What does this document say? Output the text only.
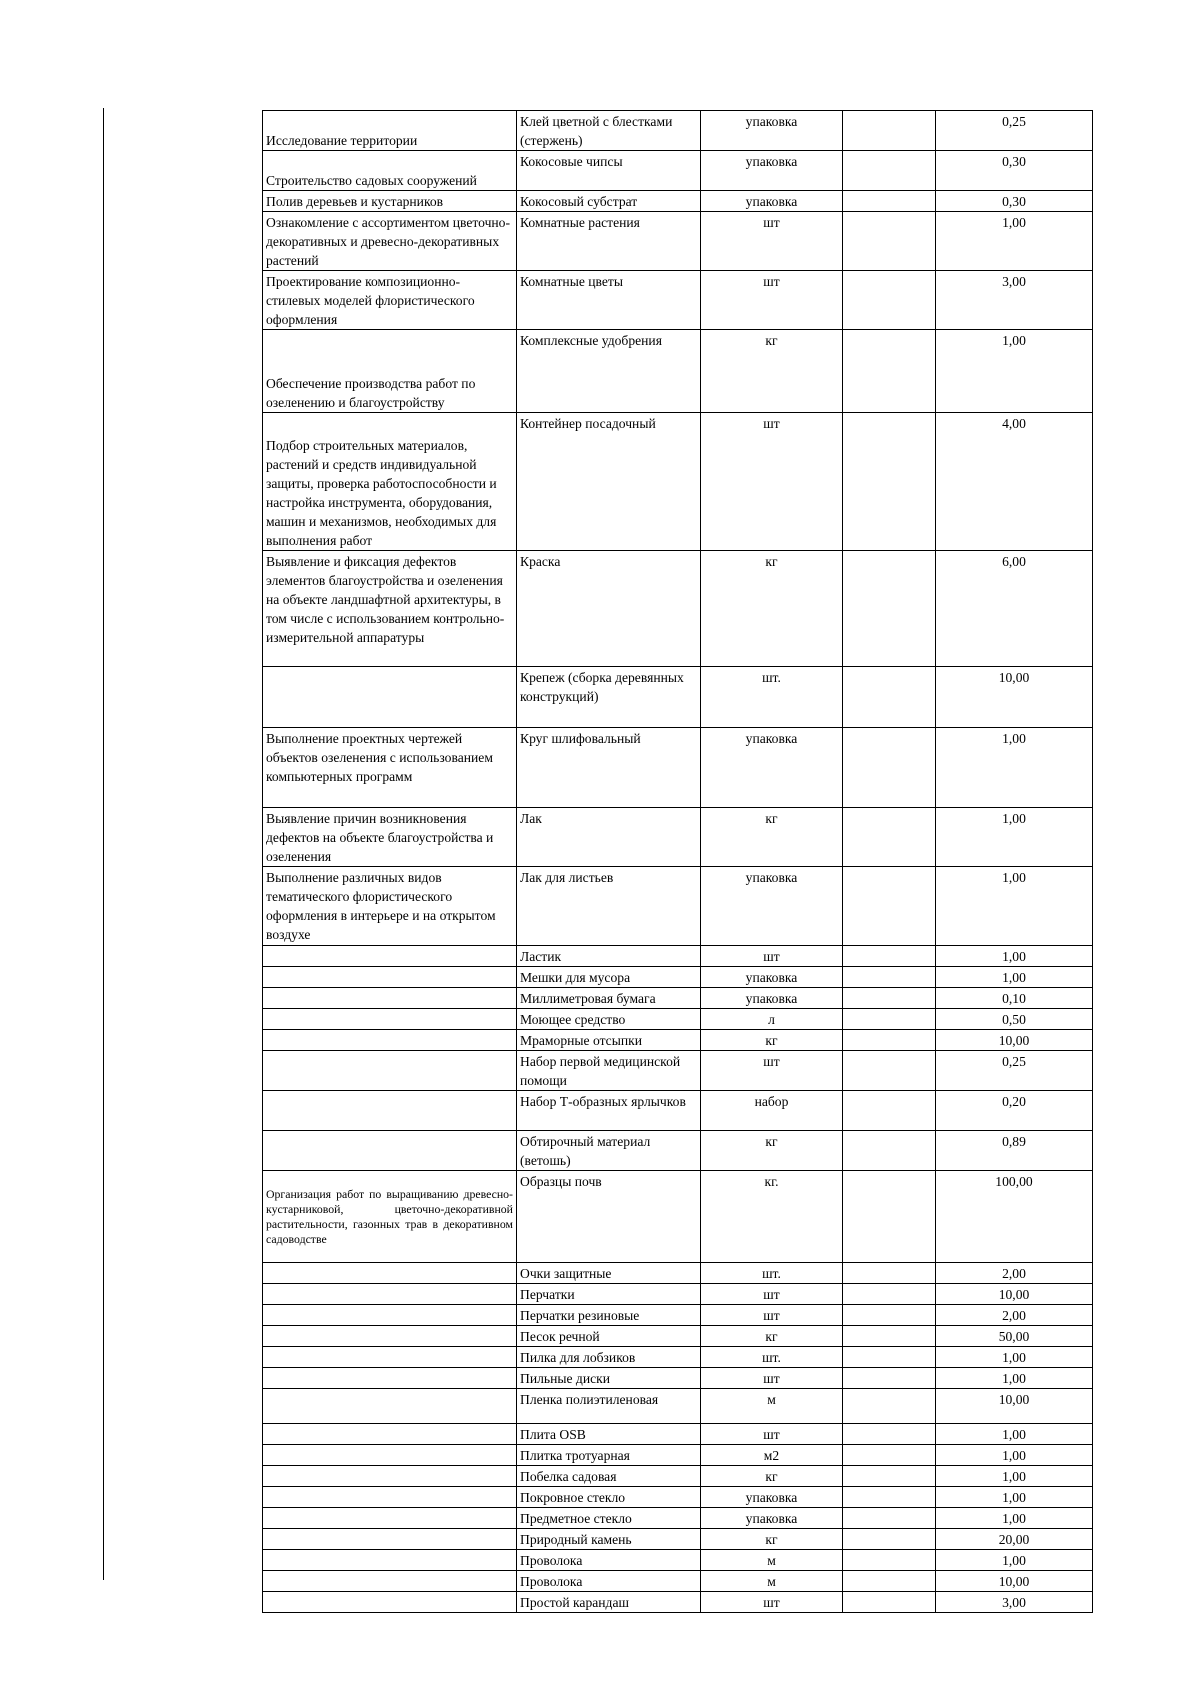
Исследование территории	Клей цветной с блестками (стержень)	упаковка		0,25
Строительство садовых сооружений	Кокосовые чипсы	упаковка		0,30
Полив деревьев и кустарников	Кокосовый субстрат	упаковка		0,30
Ознакомление с ассортиментом цветочно-декоративных и древесно-декоративных растений	Комнатные растения	шт		1,00
Проектирование композиционно-стилевых моделей флористического оформления	Комнатные цветы	шт		3,00
Обеспечение производства работ по озеленению и благоустройству	Комплексные удобрения	кг		1,00
Подбор строительных материалов, растений и средств индивидуальной защиты, проверка работоспособности и настройка инструмента, оборудования, машин и механизмов, необходимых для выполнения работ	Контейнер посадочный	шт		4,00
Выявление и фиксация дефектов элементов благоустройства и озеленения на объекте ландшафтной архитектуры, в том числе с использованием контрольно-измерительной аппаратуры	Краска	кг		6,00
	Крепеж (сборка деревянных конструкций)	шт.		10,00
Выполнение проектных чертежей объектов озеленения с использованием компьютерных программ	Круг шлифовальный	упаковка		1,00
Выявление причин возникновения дефектов на объекте благоустройства и озеленения	Лак	кг		1,00
Выполнение различных видов тематического флористического оформления в интерьере и на открытом воздухе	Лак для листьев	упаковка		1,00
	Ластик	шт		1,00
	Мешки для мусора	упаковка		1,00
	Миллиметровая бумага	упаковка		0,10
	Моющее средство	л		0,50
	Мраморные отсыпки	кг		10,00
	Набор первой медицинской помощи	шт		0,25
	Набор Т-образных ярлычков	набор		0,20
	Обтирочный материал (ветошь)	кг		0,89
Организация работ по выращиванию древесно-кустарниковой, цветочно-декоративной растительности, газонных трав в декоративном садоводстве	Образцы почв	кг.		100,00
	Очки защитные	шт.		2,00
	Перчатки	шт		10,00
	Перчатки резиновые	шт		2,00
	Песок речной	кг		50,00
	Пилка для лобзиков	шт.		1,00
	Пильные диски	шт		1,00
	Пленка полиэтиленовая	м		10,00
	Плита OSB	шт		1,00
	Плитка тротуарная	м2		1,00
	Побелка садовая	кг		1,00
	Покровное стекло	упаковка		1,00
	Предметное стекло	упаковка		1,00
	Природный камень	кг		20,00
	Проволока	м		1,00
	Проволока	м		10,00
	Простой карандаш	шт		3,00
